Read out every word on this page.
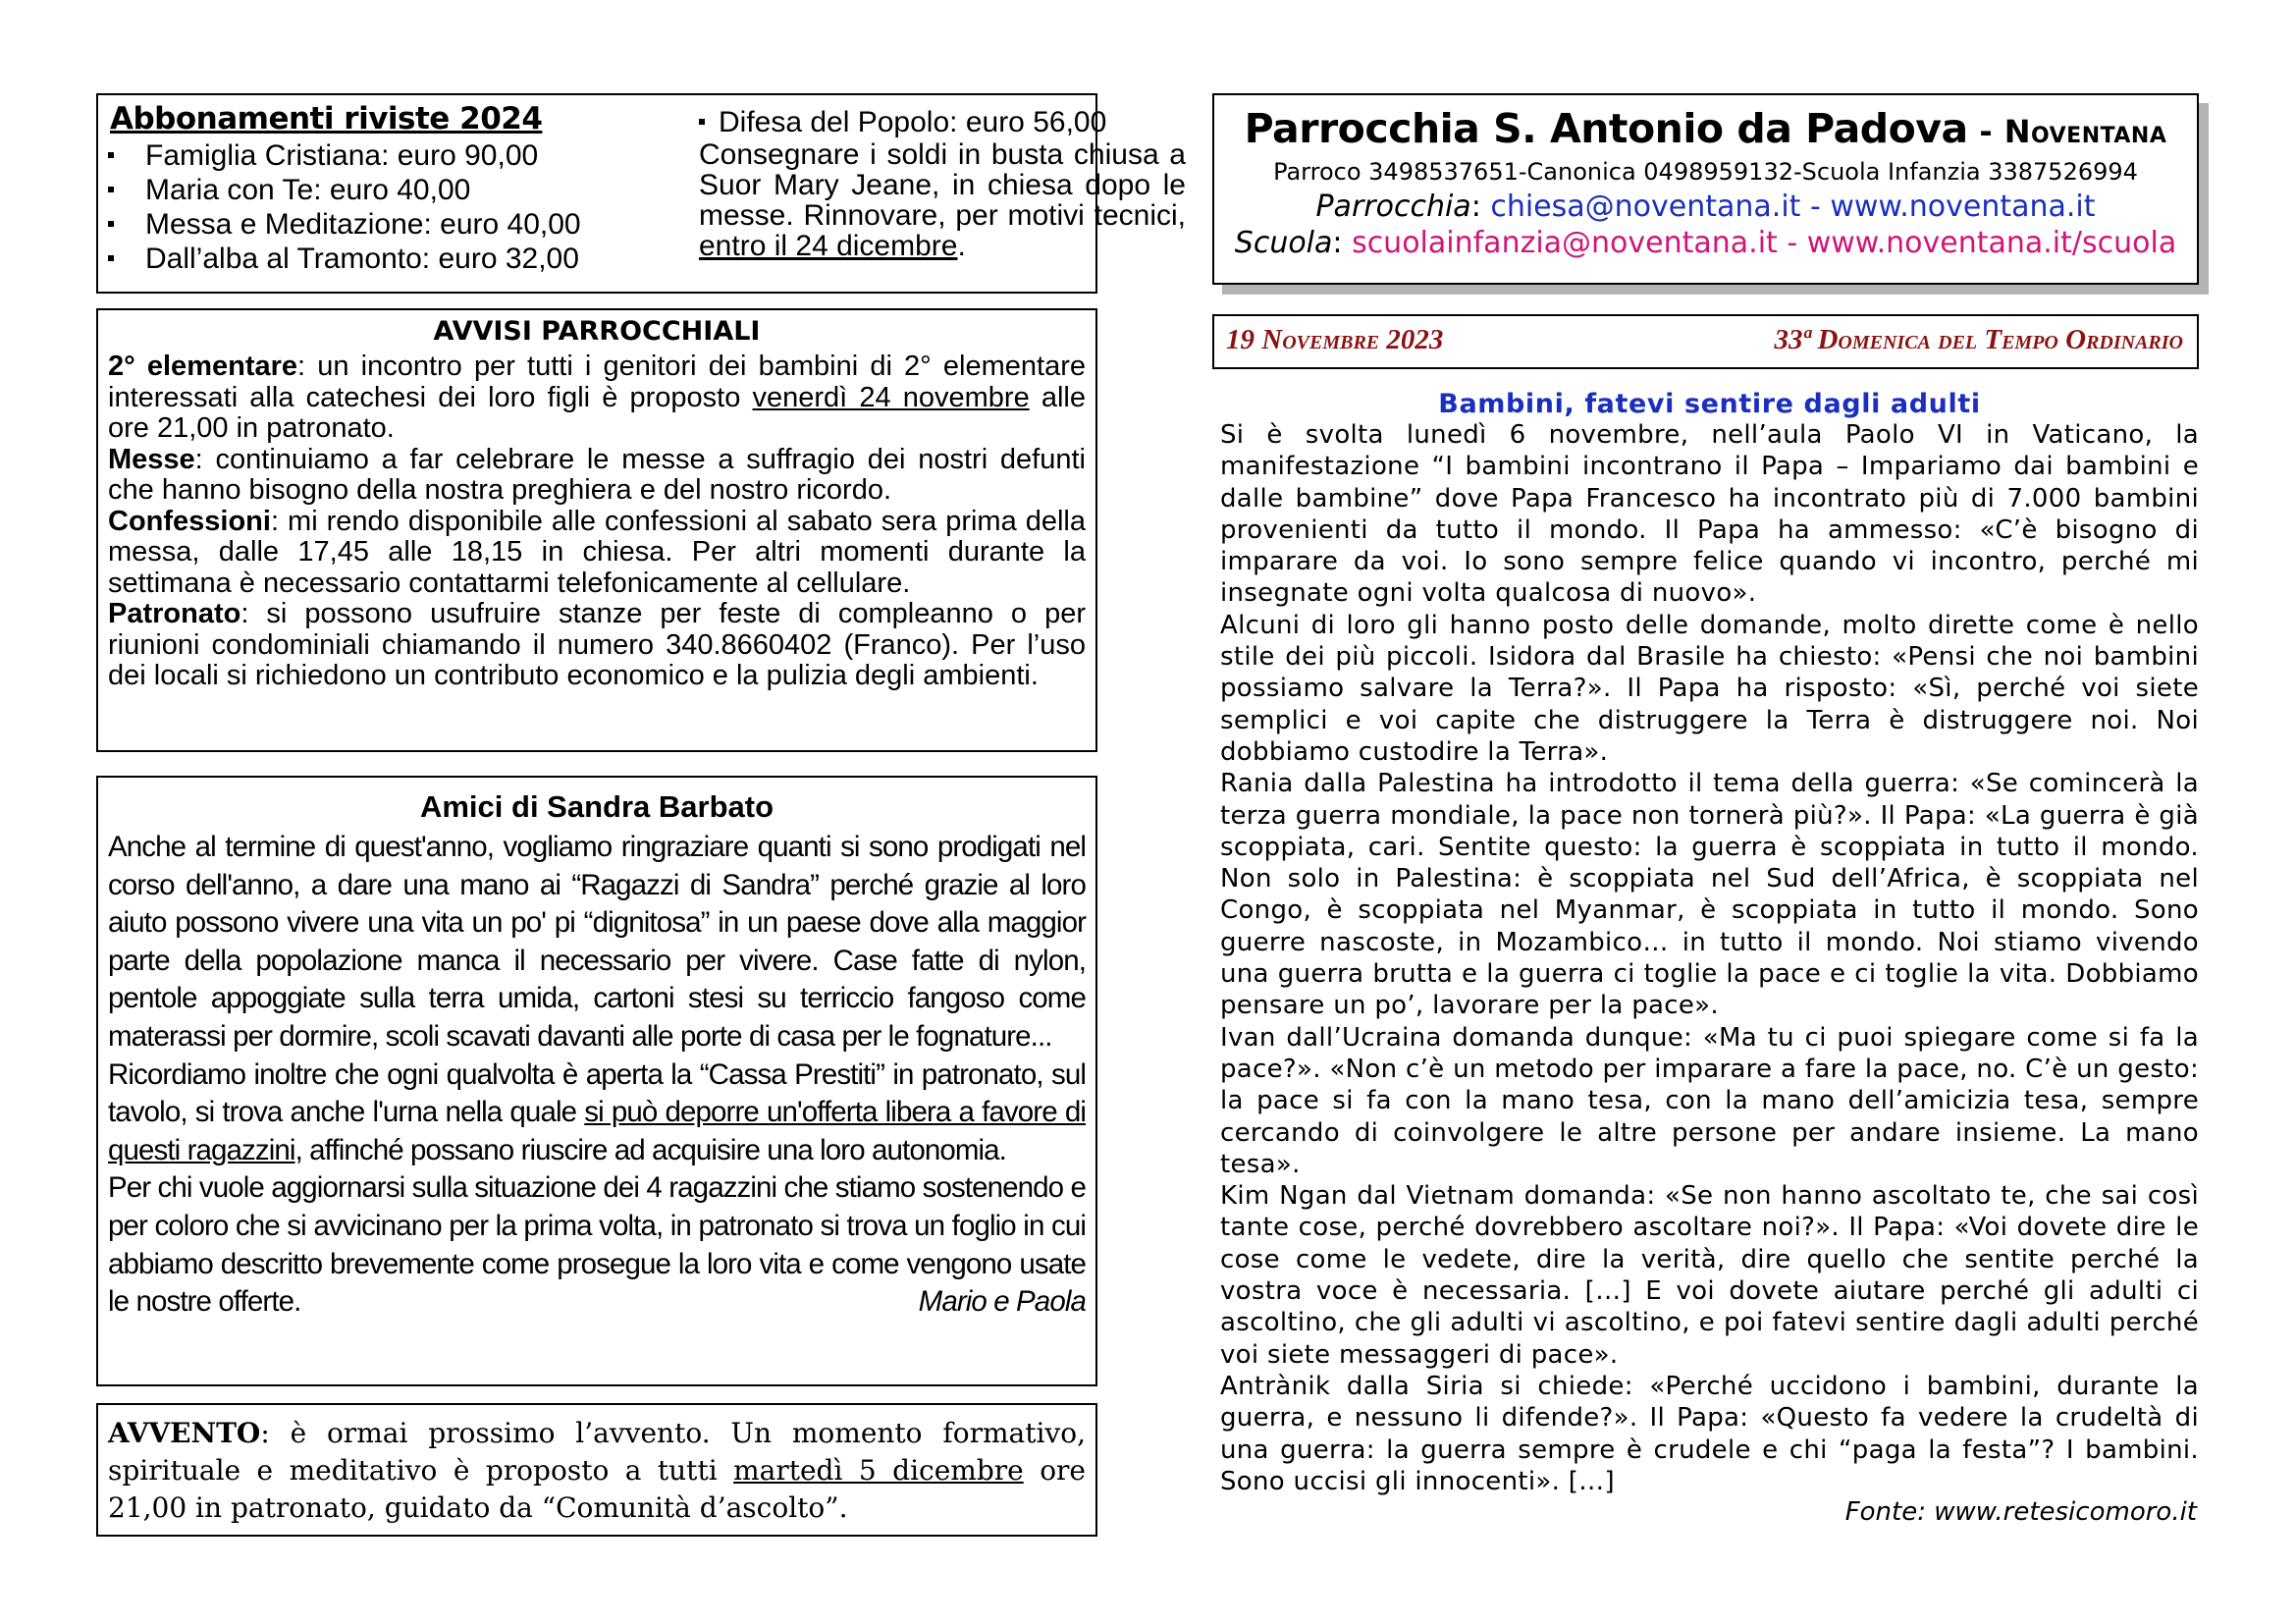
Abbonamenti riviste 2024
Famiglia Cristiana: euro 90,00
Maria con Te: euro 40,00
Messa e Meditazione: euro 40,00
Dall’alba al Tramonto: euro 32,00
Difesa del Popolo: euro 56,00

Consegnare i soldi in busta chiusa a Suor Mary Jeane, in chiesa dopo le messe. Rinnovare, per motivi tecnici, entro il 24 dicembre.

AVVISI PARROCCHIALI

2° elementare: un incontro per tutti i genitori dei bambini di 2° elementare interessati alla catechesi dei loro figli è proposto venerdì 24 novembre alle ore 21,00 in patronato.

Messe: continuiamo a far celebrare le messe a suffragio dei nostri defunti che hanno bisogno della nostra preghiera e del nostro ricordo.

Confessioni: mi rendo disponibile alle confessioni al sabato sera prima della messa, dalle 17,45 alle 18,15 in chiesa. Per altri momenti durante la settimana è necessario contattarmi telefonicamente al cellulare.

Patronato: si possono usufruire stanze per feste di compleanno o per riunioni condominiali chiamando il numero 340.8660402 (Franco). Per l’uso dei locali si richiedono un contributo economico e la pulizia degli ambienti.

Amici di Sandra Barbato

Anche al termine di quest'anno, vogliamo ringraziare quanti si sono prodigati nel corso dell'anno, a dare una mano ai “Ragazzi di Sandra” perché grazie al loro aiuto possono vivere una vita un po' pi “dignitosa” in un paese dove alla maggior parte della popolazione manca il necessario per vivere. Case fatte di nylon, pentole appoggiate sulla terra umida, cartoni stesi su terriccio fangoso come materassi per dormire, scoli scavati davanti alle porte di casa per le fognature...

Ricordiamo inoltre che ogni qualvolta è aperta la “Cassa Prestiti” in patronato, sul tavolo, si trova anche l'urna nella quale si può deporre un'offerta libera a favore di questi ragazzini, affinché possano riuscire ad acquisire una loro autonomia.

Per chi vuole aggiornarsi sulla situazione dei 4 ragazzini che stiamo sostenendo e per coloro che si avvicinano per la prima volta, in patronato si trova un foglio in cui abbiamo descritto brevemente come prosegue la loro vita e come vengono usate le nostre offerte.	Mario e Paola

AVVENTO: è ormai prossimo l’avvento. Un momento formativo, spirituale e meditativo è proposto a tutti martedì 5 dicembre ore 21,00 in patronato, guidato da “Comunità d’ascolto”.
Parrocchia S. Antonio da Padova - Noventana
Parroco 3498537651-Canonica 0498959132-Scuola Infanzia 3387526994
Parrocchia: chiesa@noventana.it - www.noventana.it
Scuola: scuolainfanzia@noventana.it - www.noventana.it/scuola
19 Novembre 2023	33ª Domenica del Tempo Ordinario
Bambini, fatevi sentire dagli adulti

Si è svolta lunedì 6 novembre, nell’aula Paolo VI in Vaticano, la manifestazione “I bambini incontrano il Papa – Impariamo dai bambini e dalle bambine” dove Papa Francesco ha incontrato più di 7.000 bambini provenienti da tutto il mondo. Il Papa ha ammesso: «C’è bisogno di imparare da voi. Io sono sempre felice quando vi incontro, perché mi insegnate ogni volta qualcosa di nuovo».

Alcuni di loro gli hanno posto delle domande, molto dirette come è nello stile dei più piccoli. Isidora dal Brasile ha chiesto: «Pensi che noi bambini possiamo salvare la Terra?». Il Papa ha risposto: «Sì, perché voi siete semplici e voi capite che distruggere la Terra è distruggere noi. Noi dobbiamo custodire la Terra».

Rania dalla Palestina ha introdotto il tema della guerra: «Se comincerà la terza guerra mondiale, la pace non tornerà più?». Il Papa: «La guerra è già scoppiata, cari. Sentite questo: la guerra è scoppiata in tutto il mondo. Non solo in Palestina: è scoppiata nel Sud dell’Africa, è scoppiata nel Congo, è scoppiata nel Myanmar, è scoppiata in tutto il mondo. Sono guerre nascoste, in Mozambico… in tutto il mondo. Noi stiamo vivendo una guerra brutta e la guerra ci toglie la pace e ci toglie la vita. Dobbiamo pensare un po’, lavorare per la pace».

Ivan dall’Ucraina domanda dunque: «Ma tu ci puoi spiegare come si fa la pace?». «Non c’è un metodo per imparare a fare la pace, no. C’è un gesto: la pace si fa con la mano tesa, con la mano dell’amicizia tesa, sempre cercando di coinvolgere le altre persone per andare insieme. La mano tesa».

Kim Ngan dal Vietnam domanda: «Se non hanno ascoltato te, che sai così tante cose, perché dovrebbero ascoltare noi?». Il Papa: «Voi dovete dire le cose come le vedete, dire la verità, dire quello che sentite perché la vostra voce è necessaria. […] E voi dovete aiutare perché gli adulti ci ascoltino, che gli adulti vi ascoltino, e poi fatevi sentire dagli adulti perché voi siete messaggeri di pace».

Antrànik dalla Siria si chiede: «Perché uccidono i bambini, durante la guerra, e nessuno li difende?». Il Papa: «Questo fa vedere la crudeltà di una guerra: la guerra sempre è crudele e chi “paga la festa”? I bambini. Sono uccisi gli innocenti». […]

Fonte: www.retesicomoro.it
